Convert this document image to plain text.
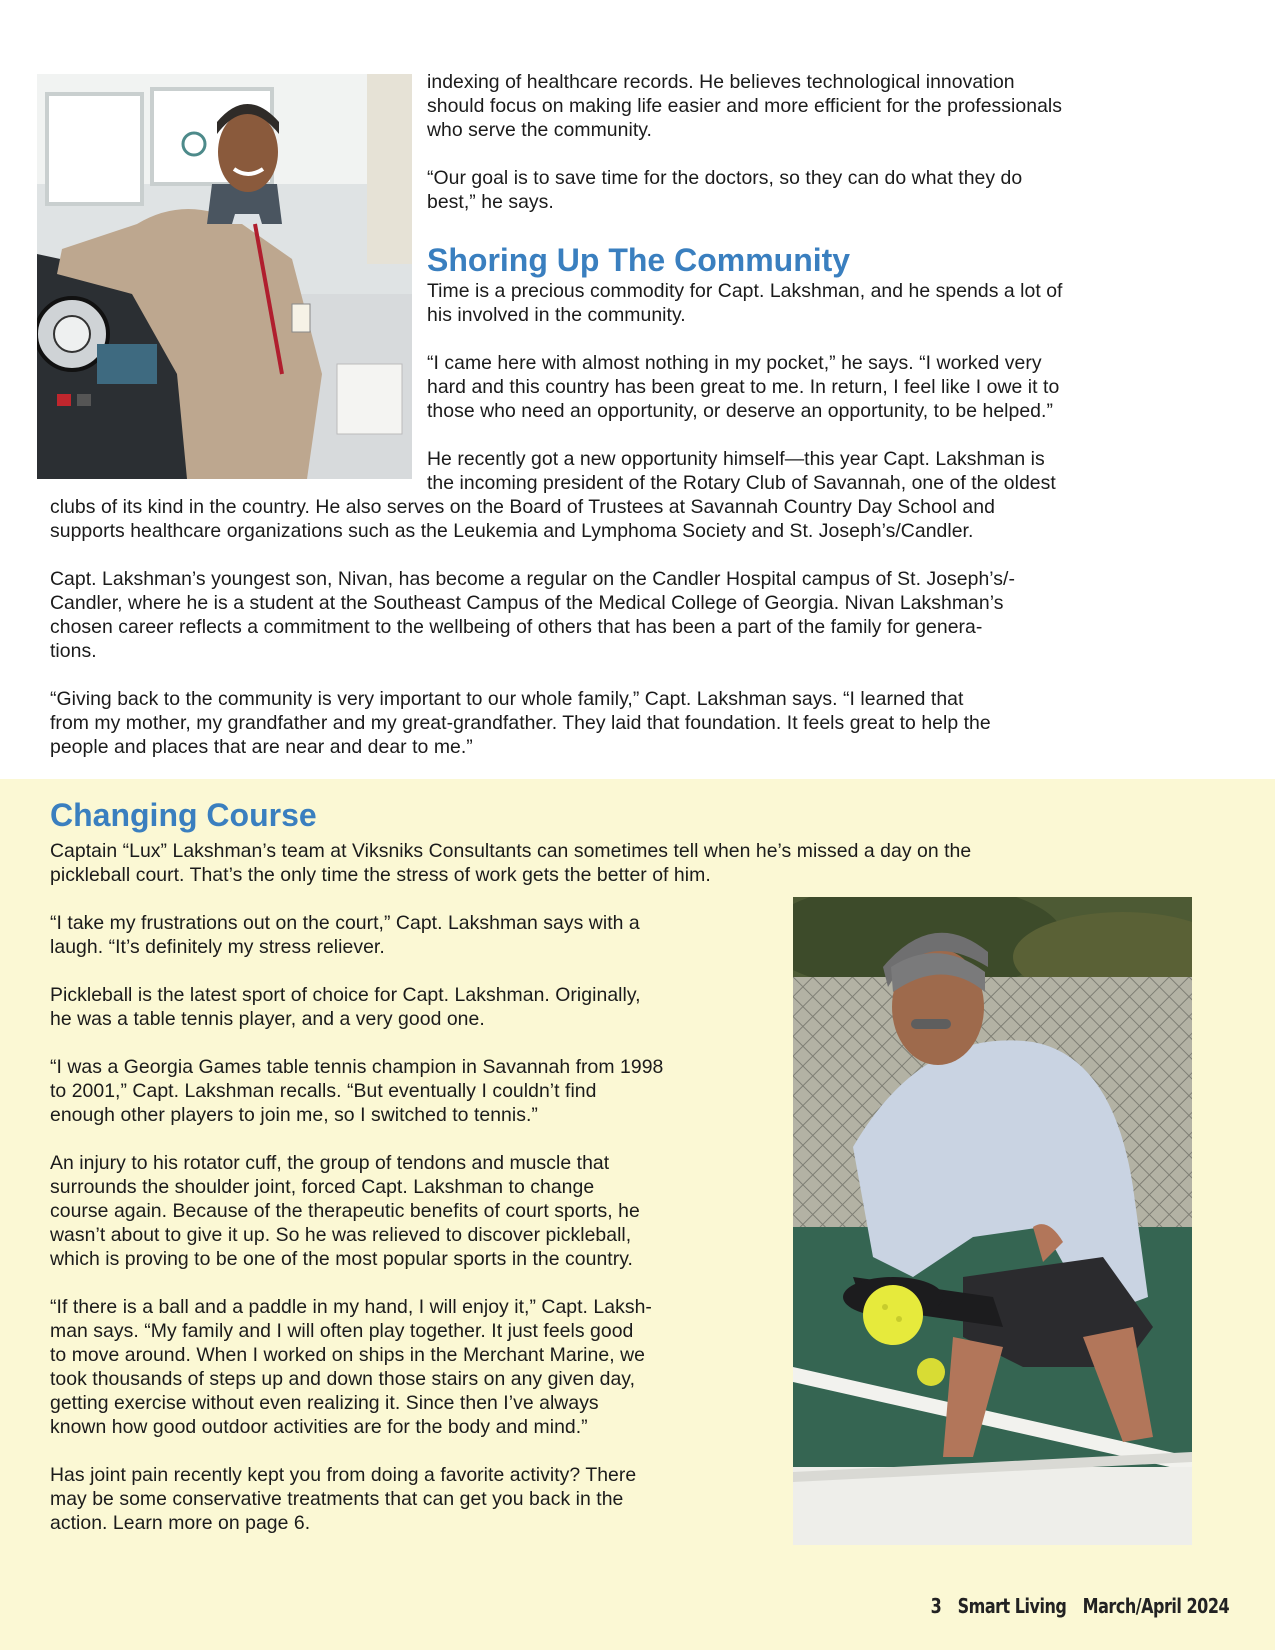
indexing of healthcare records. He believes technological innovation
should focus on making life easier and more efficient for the professionals
who serve the community.

“Our goal is to save time for the doctors, so they can do what they do
best,” he says.

Shoring Up The Community

Time is a precious commodity for Capt. Lakshman, and he spends a lot of
his involved in the community.

“I came here with almost nothing in my pocket,” he says. “I worked very
hard and this country has been great to me. In return, I feel like I owe it to
those who need an opportunity, or deserve an opportunity, to be helped.”

He recently got a new opportunity himself—this year Capt. Lakshman is
the incoming president of the Rotary Club of Savannah, one of the oldest
clubs of its kind in the country. He also serves on the Board of Trustees at Savannah Country Day School and
supports healthcare organizations such as the Leukemia and Lymphoma Society and St. Joseph’s/Candler.

Capt. Lakshman’s youngest son, Nivan, has become a regular on the Candler Hospital campus of St. Joseph’s/-
Candler, where he is a student at the Southeast Campus of the Medical College of Georgia. Nivan Lakshman’s
chosen career reflects a commitment to the wellbeing of others that has been a part of the family for genera-
tions.

“Giving back to the community is very important to our whole family,” Capt. Lakshman says. “I learned that
from my mother, my grandfather and my great-grandfather. They laid that foundation. It feels great to help the
people and places that are near and dear to me.”

Changing Course

Captain “Lux” Lakshman’s team at Viksniks Consultants can sometimes tell when he’s missed a day on the
pickleball court. That’s the only time the stress of work gets the better of him.

“I take my frustrations out on the court,” Capt. Lakshman says with a
laugh. “It’s definitely my stress reliever.

Pickleball is the latest sport of choice for Capt. Lakshman. Originally,
he was a table tennis player, and a very good one.

“I was a Georgia Games table tennis champion in Savannah from 1998
to 2001,” Capt. Lakshman recalls. “But eventually I couldn’t find
enough other players to join me, so I switched to tennis.”

An injury to his rotator cuff, the group of tendons and muscle that
surrounds the shoulder joint, forced Capt. Lakshman to change
course again. Because of the therapeutic benefits of court sports, he
wasn’t about to give it up. So he was relieved to discover pickleball,
which is proving to be one of the most popular sports in the country.

“If there is a ball and a paddle in my hand, I will enjoy it,” Capt. Laksh-
man says. “My family and I will often play together. It just feels good
to move around. When I worked on ships in the Merchant Marine, we
took thousands of steps up and down those stairs on any given day,
getting exercise without even realizing it. Since then I’ve always
known how good outdoor activities are for the body and mind.”

Has joint pain recently kept you from doing a favorite activity? There
may be some conservative treatments that can get you back in the
action. Learn more on page 6.

3 Smart Living March/April 2024
